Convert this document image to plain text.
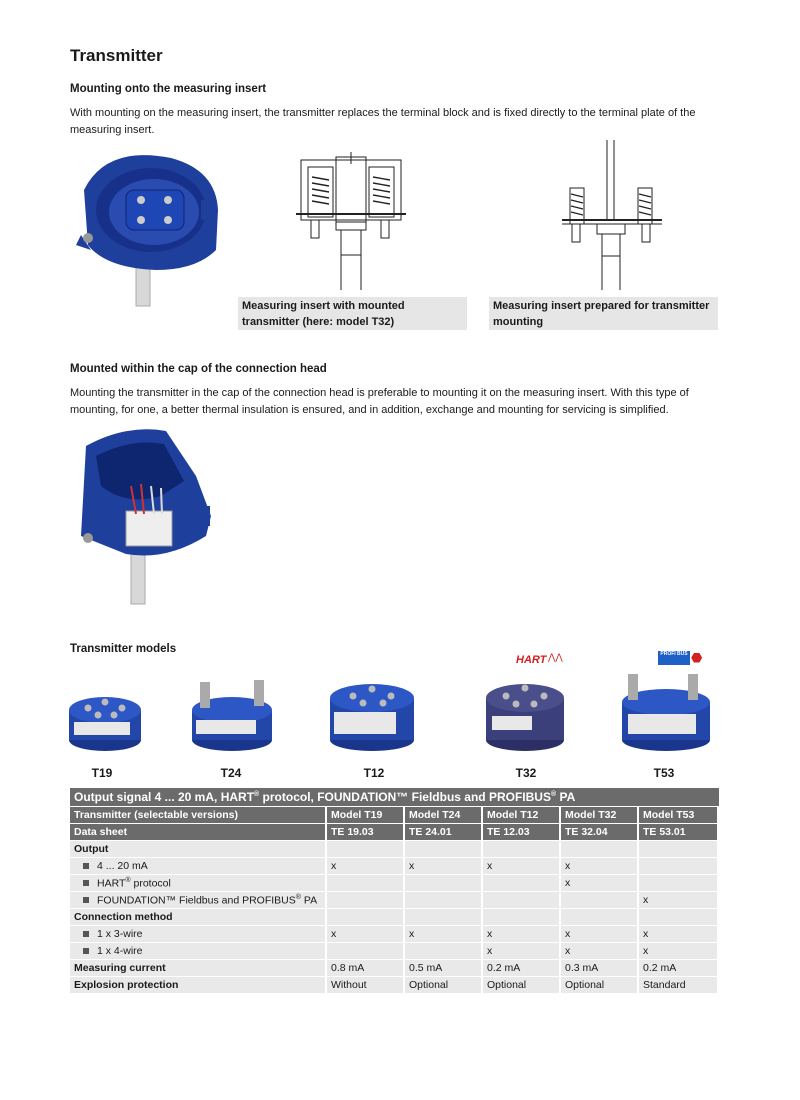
Transmitter

Mounting onto the measuring insert

With mounting on the measuring insert, the transmitter replaces the terminal block and is fixed directly to the terminal plate of the measuring insert.

Measuring insert with mounted transmitter (here: model T32)
Measuring insert prepared for transmitter mounting

Mounted within the cap of the connection head

Mounting the transmitter in the cap of the connection head is preferable to mounting it on the measuring insert. With this type of mounting, for one, a better thermal insulation is ensured, and in addition, exchange and mounting for servicing is simplified.

Transmitter models

HART ⋀⋀	PROFI BUS ⬣
T19	T24	T12	T32	T53
Output signal 4 ... 20 mA, HART® protocol, FOUNDATION™ Fieldbus and PROFIBUS® PA					
Transmitter (selectable versions)	Model T19	Model T24	Model T12	Model T32	Model T53
Data sheet	TE 19.03	TE 24.01	TE 12.03	TE 32.04	TE 53.01
Output					
4 ... 20 mA	x	x	x	x	
HART® protocol				x	
FOUNDATION™ Fieldbus and PROFIBUS® PA					x
Connection method					
1 x 3-wire	x	x	x	x	x
1 x 4-wire			x	x	x
Measuring current	0.8 mA	0.5 mA	0.2 mA	0.3 mA	0.2 mA
Explosion protection	Without	Optional	Optional	Optional	Standard
